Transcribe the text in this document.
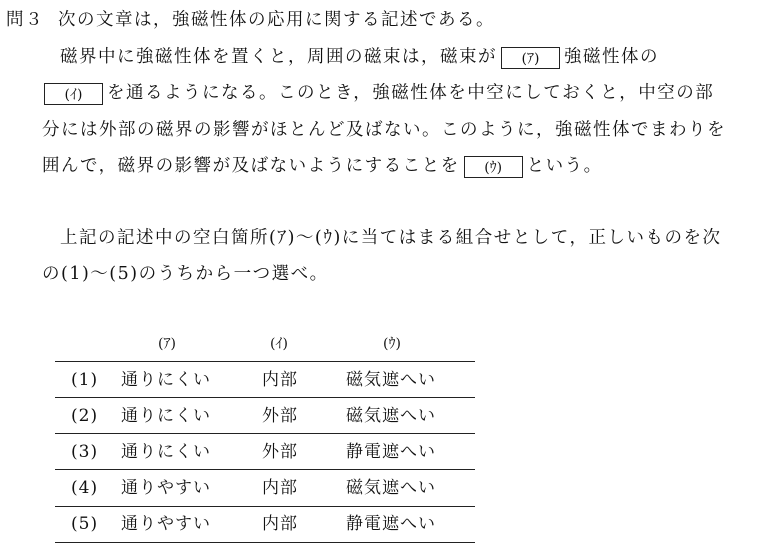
問３ 次の文章は，強磁性体の応用に関する記述である。
磁界中に強磁性体を置くと，周囲の磁束は，磁束が (ｱ) 強磁性体の
(ｲ) を通るようになる。このとき，強磁性体を中空にしておくと，中空の部
分には外部の磁界の影響がほとんど及ばない。このように，強磁性体でまわりを
囲んで，磁界の影響が及ばないようにすることを (ｳ) という。
上記の記述中の空白箇所(ｱ)～(ｳ)に当てはまる組合せとして，正しいものを次
の(1)～(5)のうちから一つ選べ。
(ｱ)	(ｲ)	(ｳ)
(1) 通りにくい	内部	磁気遮へい
(2) 通りにくい	外部	磁気遮へい
(3) 通りにくい	外部	静電遮へい
(4) 通りやすい	内部	磁気遮へい
(5) 通りやすい	内部	静電遮へい
